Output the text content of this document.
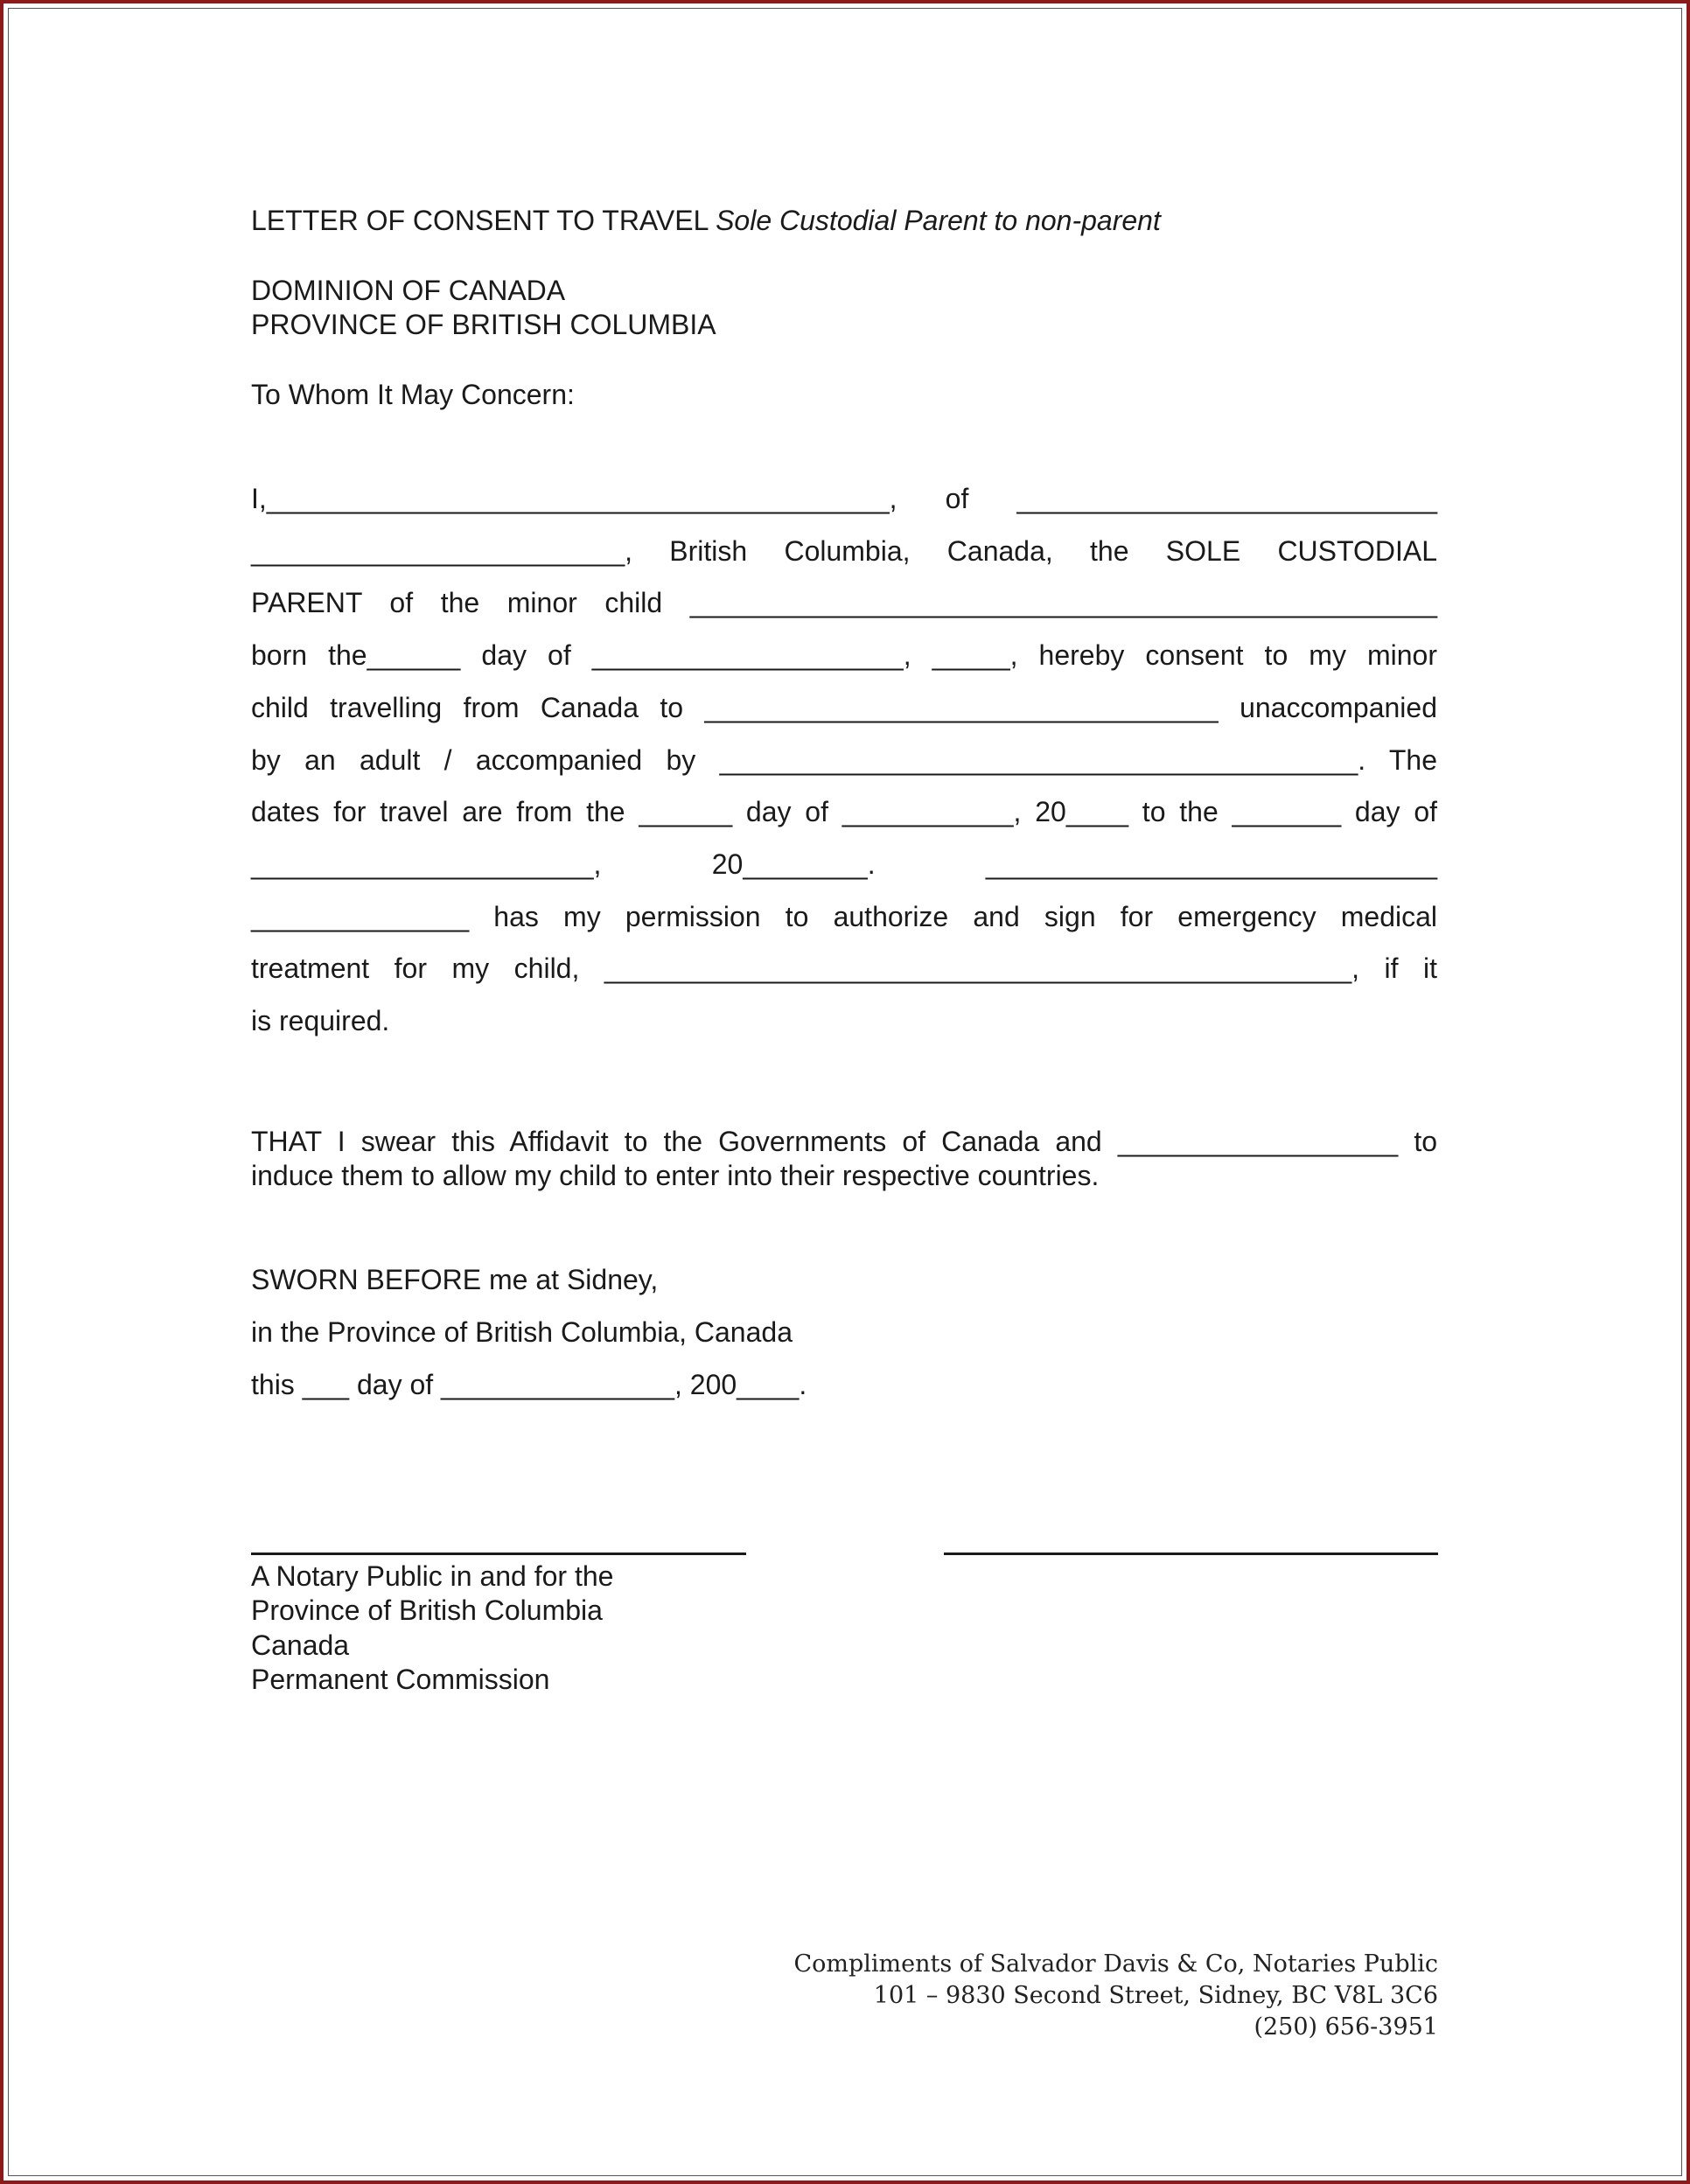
LETTER OF CONSENT TO TRAVEL Sole Custodial Parent to non-parent
DOMINION OF CANADA
PROVINCE OF BRITISH COLUMBIA
To Whom It May Concern:
I,________________________________________, of ___________________________
________________________, British Columbia, Canada, the SOLE CUSTODIAL
PARENT of the minor child ________________________________________________
born the______ day of ____________________, _____, hereby consent to my minor
child travelling from Canada to _________________________________ unaccompanied
by an adult / accompanied by _________________________________________. The
dates for travel are from the ______ day of ___________, 20____ to the _______ day of
______________________, 20________. _____________________________
______________ has my permission to authorize and sign for emergency medical
treatment for my child, ________________________________________________, if it
is required.
THAT I swear this Affidavit to the Governments of Canada and __________________ to
induce them to allow my child to enter into their respective countries.
SWORN BEFORE me at Sidney,
in the Province of British Columbia, Canada
this ___ day of _______________, 200____.
A Notary Public in and for the
Province of British Columbia
Canada
Permanent Commission
Compliments of Salvador Davis & Co, Notaries Public
101 – 9830 Second Street, Sidney, BC V8L 3C6
(250) 656-3951
